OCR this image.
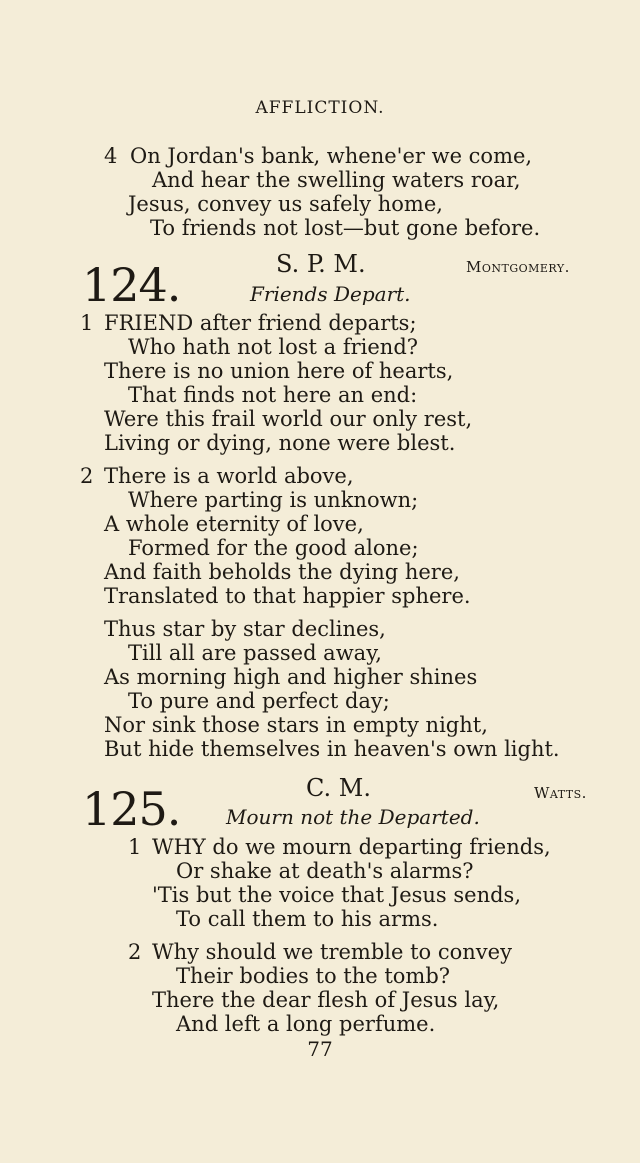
AFFLICTION.
4 On Jordan's bank, whene'er we come,
And hear the swelling waters roar,
Jesus, convey us safely home,
To friends not lost—but gone before.
124.	S. P. M.	Montgomery.
Friends Depart.
1 FRIEND after friend departs;
Who hath not lost a friend?
There is no union here of hearts,
That finds not here an end:
Were this frail world our only rest,
Living or dying, none were blest.
2 There is a world above,
Where parting is unknown;
A whole eternity of love,
Formed for the good alone;
And faith beholds the dying here,
Translated to that happier sphere.
Thus star by star declines,
Till all are passed away,
As morning high and higher shines
To pure and perfect day;
Nor sink those stars in empty night,
But hide themselves in heaven's own light.
125.	C. M.	Watts.
Mourn not the Departed.
1 WHY do we mourn departing friends,
Or shake at death's alarms?
'Tis but the voice that Jesus sends,
To call them to his arms.
2 Why should we tremble to convey
Their bodies to the tomb?
There the dear flesh of Jesus lay,
And left a long perfume.
77
